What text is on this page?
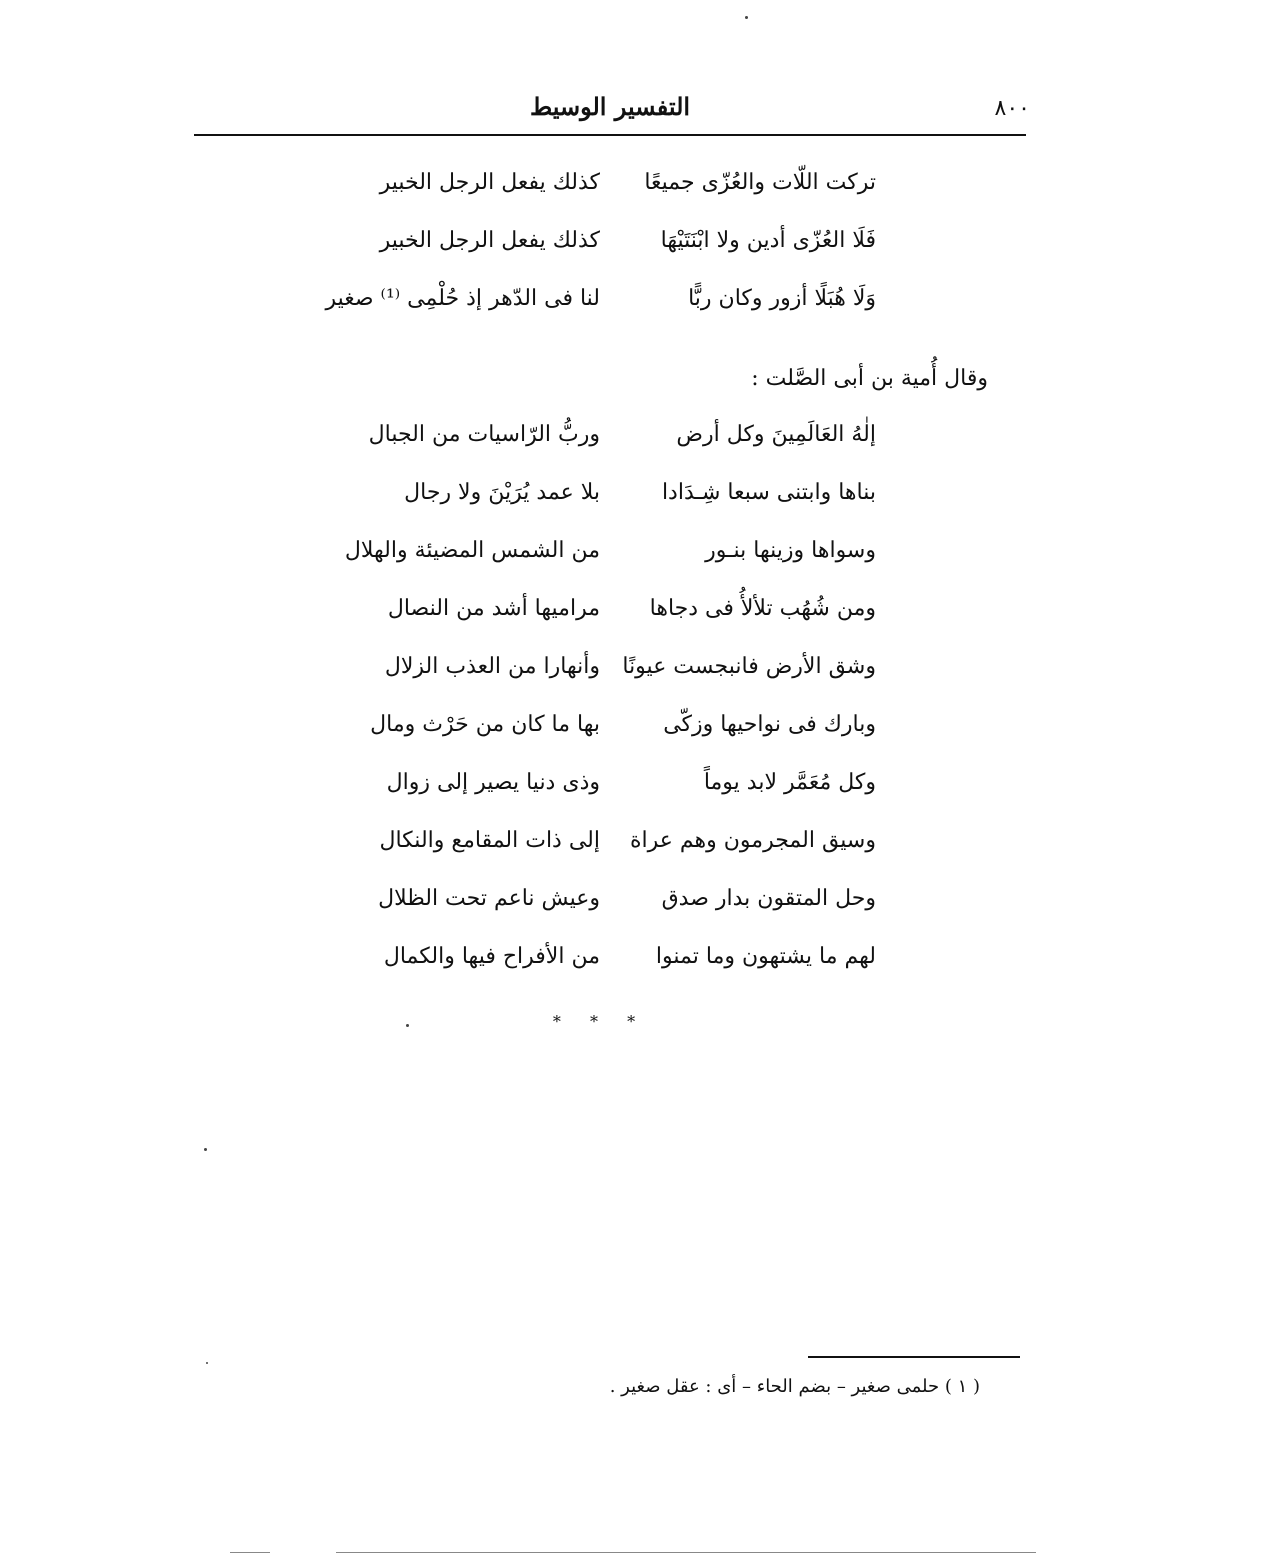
التفسير الوسيط	٨٠٠
تركت اللّات والعُزّى جميعًا
كذلك يفعل الرجل الخبير
فَلَا العُزّى أدين ولا ابْنَتَيْهَا
كذلك يفعل الرجل الخبير
وَلَا هُبَلًا أزور وكان ربًّا
لنا فى الدّهر إذ حُلْمِى ⁽¹⁾ صغير
وقال أُمية بن أبى الصَّلت :
إلٰهُ العَالَمِينَ وكل أرض
وربُّ الرّاسيات من الجبال
بناها وابتنى سبعا شِـدَادا
بلا عمد يُرَيْنَ ولا رجال
وسواها وزينها بنـور
من الشمس المضيئة والهلال
ومن شُهُب تلألأُ فى دجاها
مراميها أشد من النصال
وشق الأرض فانبجست عيونًا
وأنهارا من العذب الزلال
وبارك فى نواحيها وزكّى
بها ما كان من حَرْث ومال
وكل مُعَمَّر لابد يوماً
وذى دنيا يصير إلى زوال
وسيق المجرمون وهم عراة
إلى ذات المقامع والنكال
وحل المتقون بدار صدق
وعيش ناعم تحت الظلال
لهم ما يشتهون وما تمنوا
من الأفراح فيها والكمال
* * *
( ١ ) حلمى صغير – بضم الحاء – أى : عقل صغير .
